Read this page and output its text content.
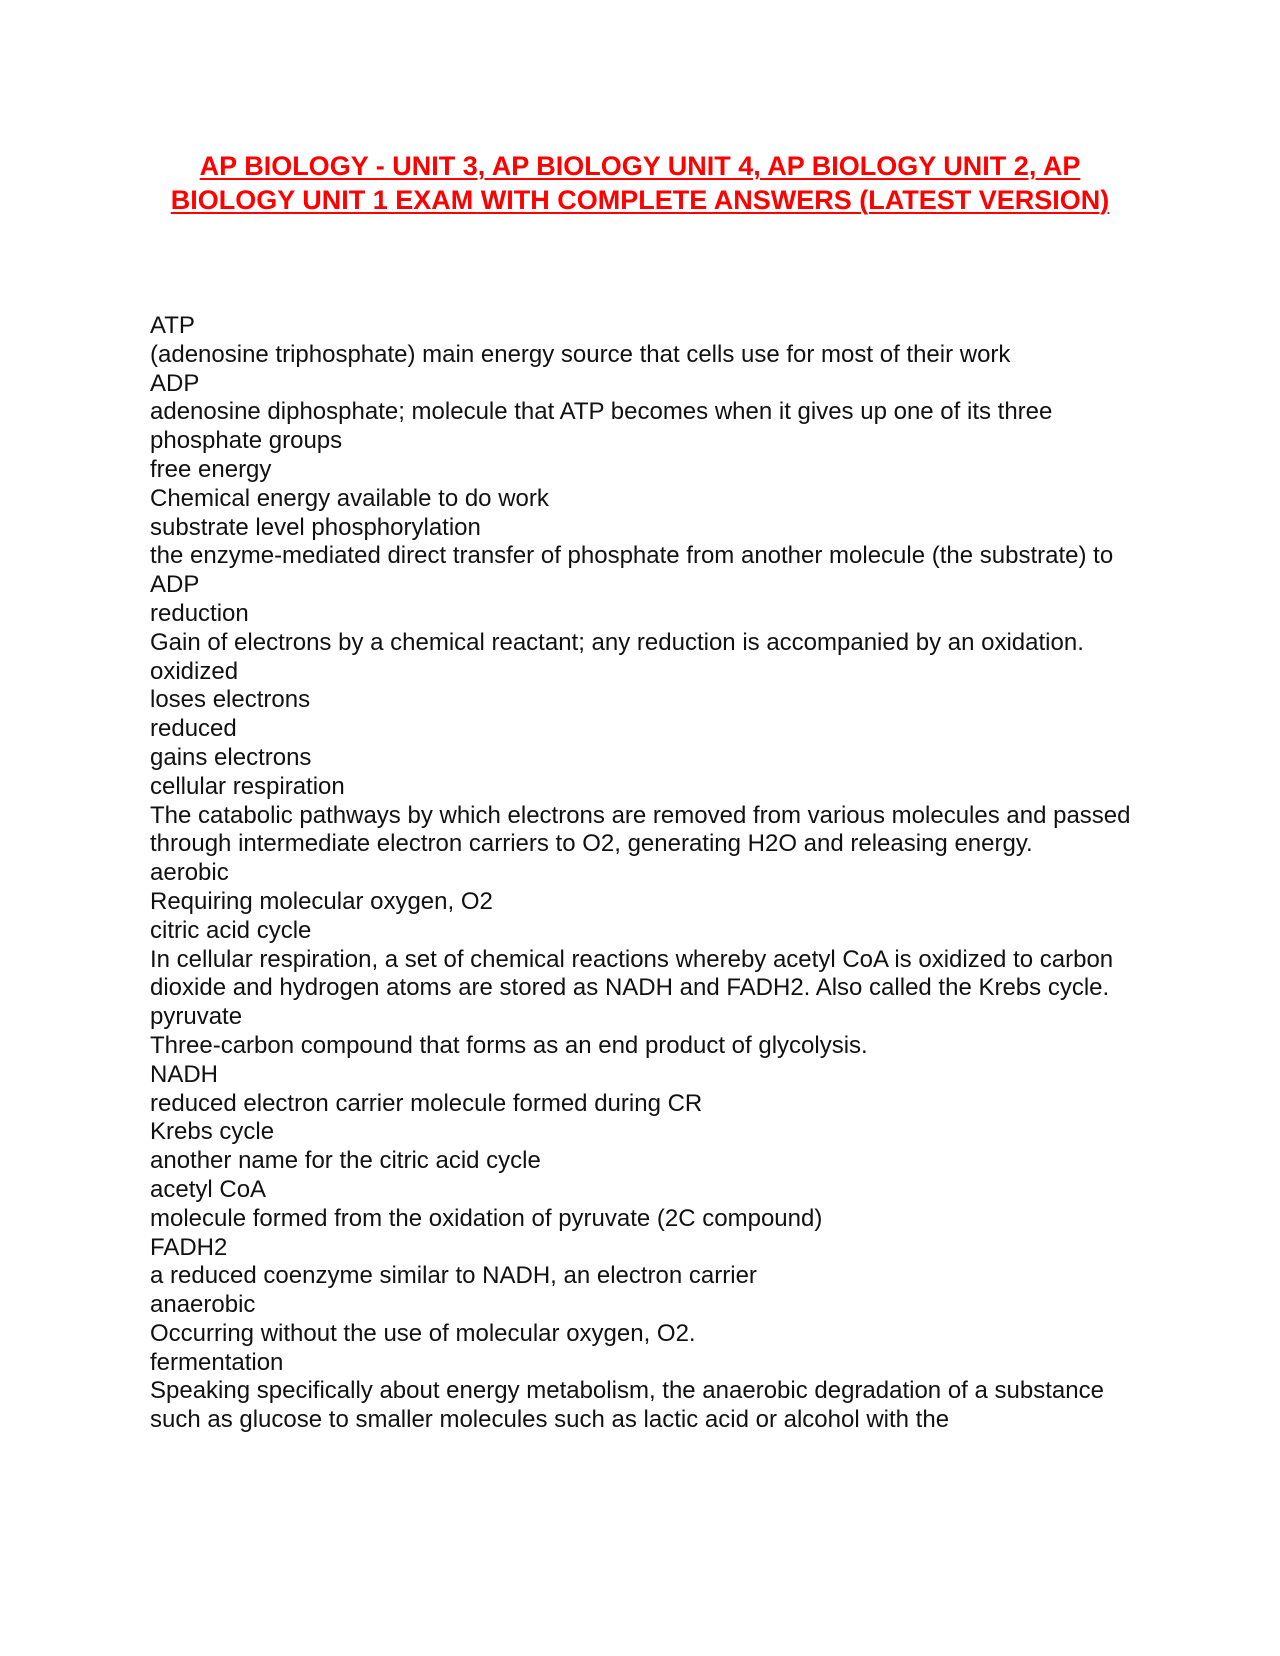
AP BIOLOGY - UNIT 3, AP BIOLOGY UNIT 4, AP BIOLOGY UNIT 2, AP BIOLOGY UNIT 1 EXAM WITH COMPLETE ANSWERS (LATEST VERSION)
ATP
(adenosine triphosphate) main energy source that cells use for most of their work
ADP
adenosine diphosphate; molecule that ATP becomes when it gives up one of its three phosphate groups
free energy
Chemical energy available to do work
substrate level phosphorylation
the enzyme-mediated direct transfer of phosphate from another molecule (the substrate) to ADP
reduction
Gain of electrons by a chemical reactant; any reduction is accompanied by an oxidation.
oxidized
loses electrons
reduced
gains electrons
cellular respiration
The catabolic pathways by which electrons are removed from various molecules and passed through intermediate electron carriers to O2, generating H2O and releasing energy.
aerobic
Requiring molecular oxygen, O2
citric acid cycle
In cellular respiration, a set of chemical reactions whereby acetyl CoA is oxidized to carbon dioxide and hydrogen atoms are stored as NADH and FADH2. Also called the Krebs cycle.
pyruvate
Three-carbon compound that forms as an end product of glycolysis.
NADH
reduced electron carrier molecule formed during CR
Krebs cycle
another name for the citric acid cycle
acetyl CoA
molecule formed from the oxidation of pyruvate (2C compound)
FADH2
a reduced coenzyme similar to NADH, an electron carrier
anaerobic
Occurring without the use of molecular oxygen, O2.
fermentation
Speaking specifically about energy metabolism, the anaerobic degradation of a substance such as glucose to smaller molecules such as lactic acid or alcohol with the
